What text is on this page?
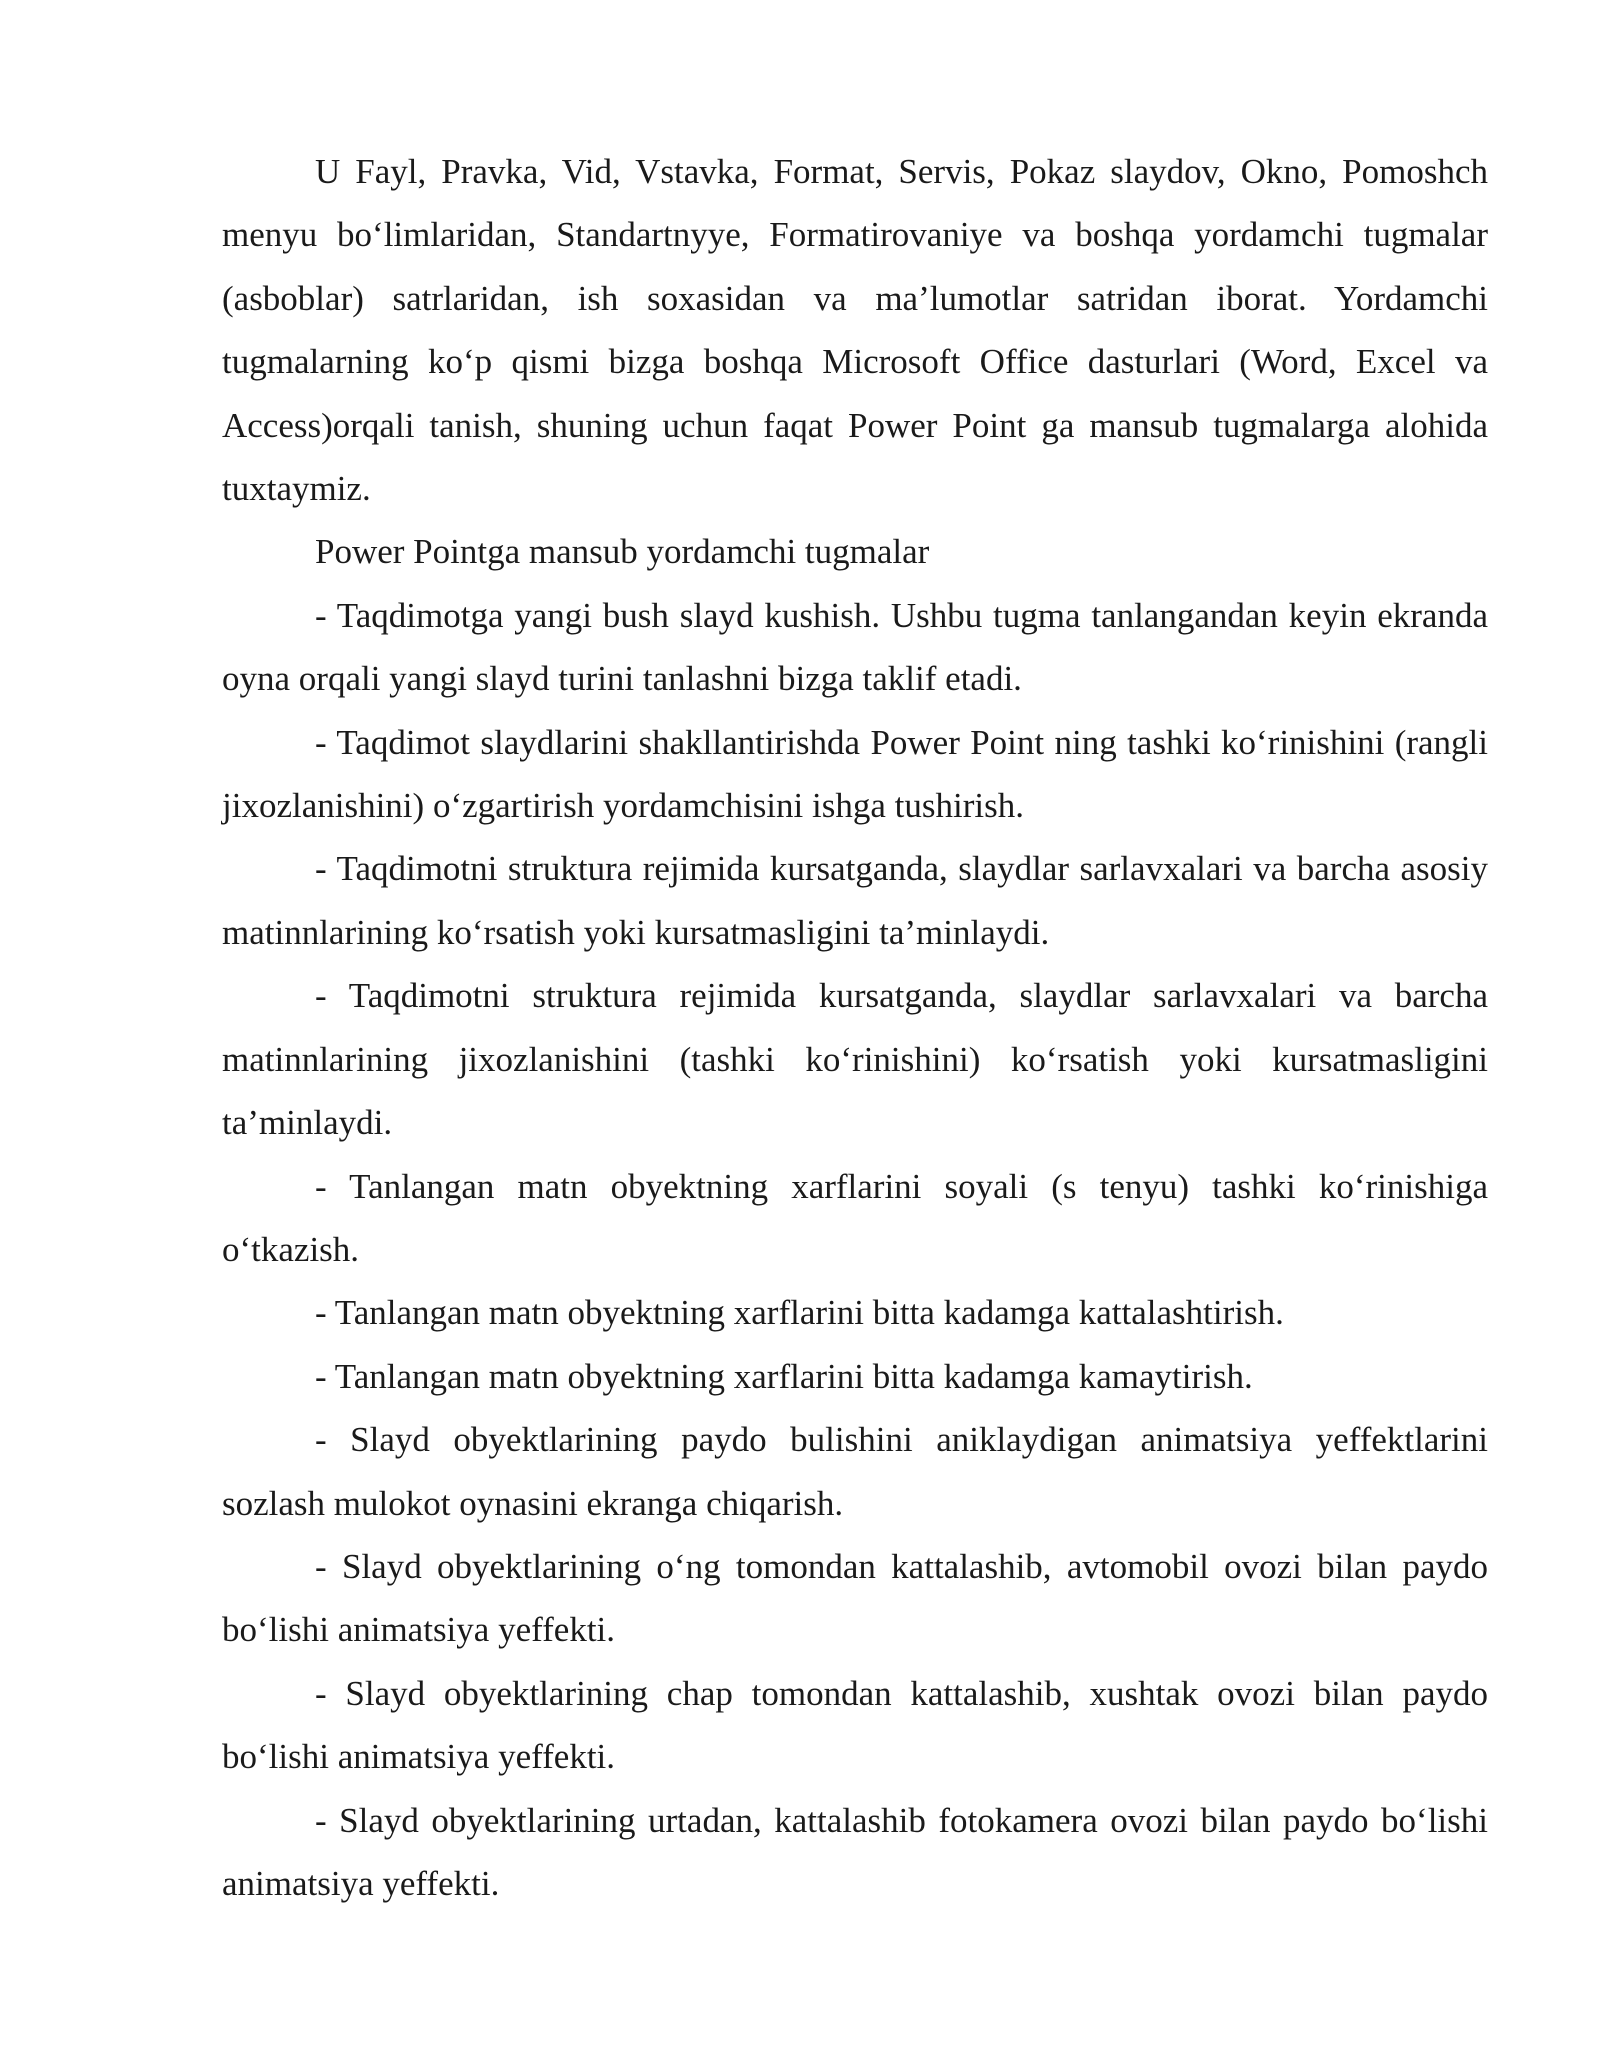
U Fayl, Pravka, Vid, Vstavka, Format, Servis, Pokaz slaydov, Okno, Pomoshch menyu bo‘limlaridan, Standartnyye, Formatirovaniye va boshqa yordamchi tugmalar (asboblar) satrlaridan, ish soxasidan va ma’lumotlar satridan iborat. Yordamchi tugmalarning ko‘p qismi bizga boshqa Microsoft Office dasturlari (Word, Excel va Access)orqali tanish, shuning uchun faqat Power Point ga mansub tugmalarga alohida tuxtaymiz.

Power Pointga mansub yordamchi tugmalar

- Taqdimotga yangi bush slayd kushish. Ushbu tugma tanlangandan keyin ekranda oyna orqali yangi slayd turini tanlashni bizga taklif etadi.

- Taqdimot slaydlarini shakllantirishda Power Point ning tashki ko‘rinishini (rangli jixozlanishini) o‘zgartirish yordamchisini ishga tushirish.

- Taqdimotni struktura rejimida kursatganda, slaydlar sarlavxalari va barcha asosiy matinnlarining ko‘rsatish yoki kursatmasligini ta’minlaydi.

- Taqdimotni struktura rejimida kursatganda, slaydlar sarlavxalari va barcha matinnlarining jixozlanishini (tashki ko‘rinishini) ko‘rsatish yoki kursatmasligini ta’minlaydi.

- Tanlangan matn obyektning xarflarini soyali (s tenyu) tashki ko‘rinishiga o‘tkazish.

- Tanlangan matn obyektning xarflarini bitta kadamga kattalashtirish.

- Tanlangan matn obyektning xarflarini bitta kadamga kamaytirish.

- Slayd obyektlarining paydo bulishini aniklaydigan animatsiya yeffektlarini sozlash mulokot oynasini ekranga chiqarish.

- Slayd obyektlarining o‘ng tomondan kattalashib, avtomobil ovozi bilan paydo bo‘lishi animatsiya yeffekti.

- Slayd obyektlarining chap tomondan kattalashib, xushtak ovozi bilan paydo bo‘lishi animatsiya yeffekti.

- Slayd obyektlarining urtadan, kattalashib fotokamera ovozi bilan paydo bo‘lishi animatsiya yeffekti.
